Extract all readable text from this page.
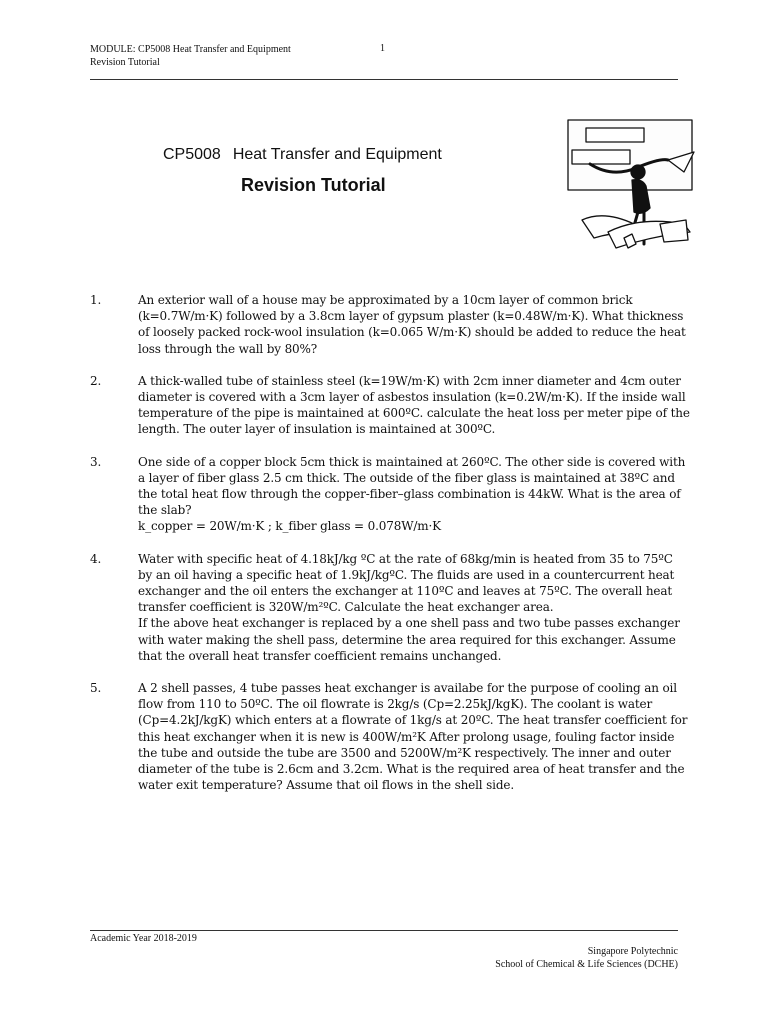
MODULE: CP5008 Heat Transfer and Equipment
Revision Tutorial
1
CP5008 Heat Transfer and Equipment
Revision Tutorial
1.	An exterior wall of a house may be approximated by a 10cm layer of common brick (k=0.7W/m·K) followed by a 3.8cm layer of gypsum plaster (k=0.48W/m·K). What thickness of loosely packed rock-wool insulation (k=0.065 W/m·K) should be added to reduce the heat loss through the wall by 80%?

2.	A thick-walled tube of stainless steel (k=19W/m·K) with 2cm inner diameter and 4cm outer diameter is covered with a 3cm layer of asbestos insulation (k=0.2W/m·K). If the inside wall temperature of the pipe is maintained at 600ºC. calculate the heat loss per meter pipe of the length. The outer layer of insulation is maintained at 300ºC.

3.	One side of a copper block 5cm thick is maintained at 260ºC. The other side is covered with a layer of fiber glass 2.5 cm thick. The outside of the fiber glass is maintained at 38ºC and the total heat flow through the copper-fiber–glass combination is 44kW. What is the area of the slab?

k_copper = 20W/m·K ; k_fiber glass = 0.078W/m·K

4.	Water with specific heat of 4.18kJ/kg ºC at the rate of 68kg/min is heated from 35 to 75ºC by an oil having a specific heat of 1.9kJ/kgºC. The fluids are used in a countercurrent heat exchanger and the oil enters the exchanger at 110ºC and leaves at 75ºC. The overall heat transfer coefficient is 320W/m²ºC. Calculate the heat exchanger area.

If the above heat exchanger is replaced by a one shell pass and two tube passes exchanger with water making the shell pass, determine the area required for this exchanger. Assume that the overall heat transfer coefficient remains unchanged.

5.	A 2 shell passes, 4 tube passes heat exchanger is availabe for the purpose of cooling an oil flow from 110 to 50ºC. The oil flowrate is 2kg/s (Cp=2.25kJ/kgK). The coolant is water (Cp=4.2kJ/kgK) which enters at a flowrate of 1kg/s at 20ºC. The heat transfer coefficient for this heat exchanger when it is new is 400W/m²K After prolong usage, fouling factor inside the tube and outside the tube are 3500 and 5200W/m²K respectively. The inner and outer diameter of the tube is 2.6cm and 3.2cm. What is the required area of heat transfer and the water exit temperature? Assume that oil flows in the shell side.

Academic Year 2018-2019
Singapore Polytechnic
School of Chemical & Life Sciences (DCHE)
